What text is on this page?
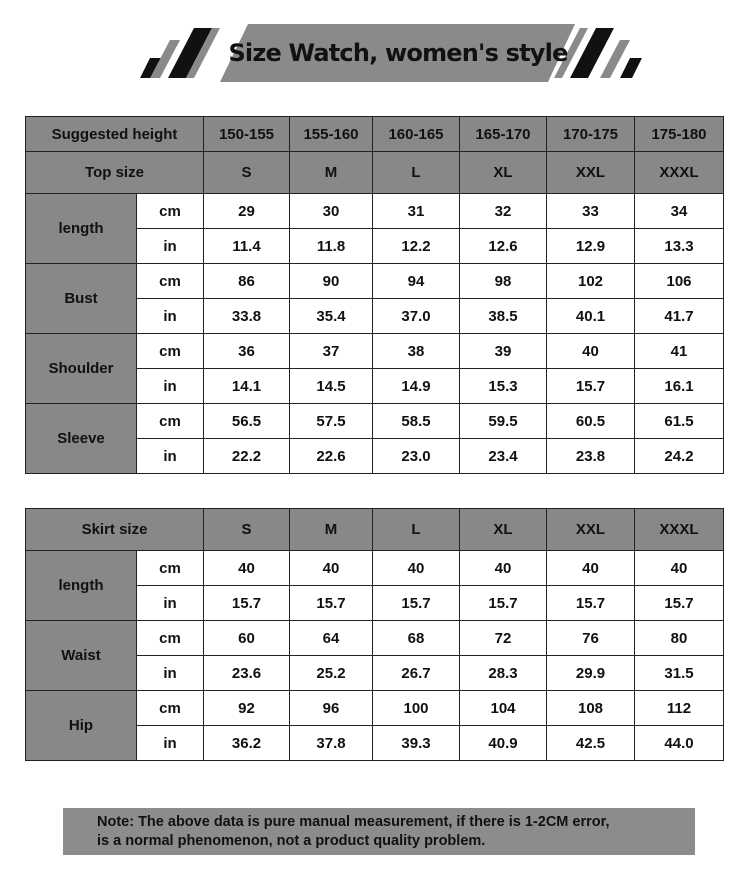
Size Watch, women's style
Suggested height		150-155	155-160	160-165	165-170	170-175	175-180
Top size		S	M	L	XL	XXL	XXXL
length	cm	29	30	31	32	33	34
	in	11.4	11.8	12.2	12.6	12.9	13.3
Bust	cm	86	90	94	98	102	106
	in	33.8	35.4	37.0	38.5	40.1	41.7
Shoulder	cm	36	37	38	39	40	41
	in	14.1	14.5	14.9	15.3	15.7	16.1
Sleeve	cm	56.5	57.5	58.5	59.5	60.5	61.5
	in	22.2	22.6	23.0	23.4	23.8	24.2
Skirt size		S	M	L	XL	XXL	XXXL
length	cm	40	40	40	40	40	40
	in	15.7	15.7	15.7	15.7	15.7	15.7
Waist	cm	60	64	68	72	76	80
	in	23.6	25.2	26.7	28.3	29.9	31.5
Hip	cm	92	96	100	104	108	112
	in	36.2	37.8	39.3	40.9	42.5	44.0
Note: The above data is pure manual measurement, if there is 1-2CM error,
is a normal phenomenon, not a product quality problem.
